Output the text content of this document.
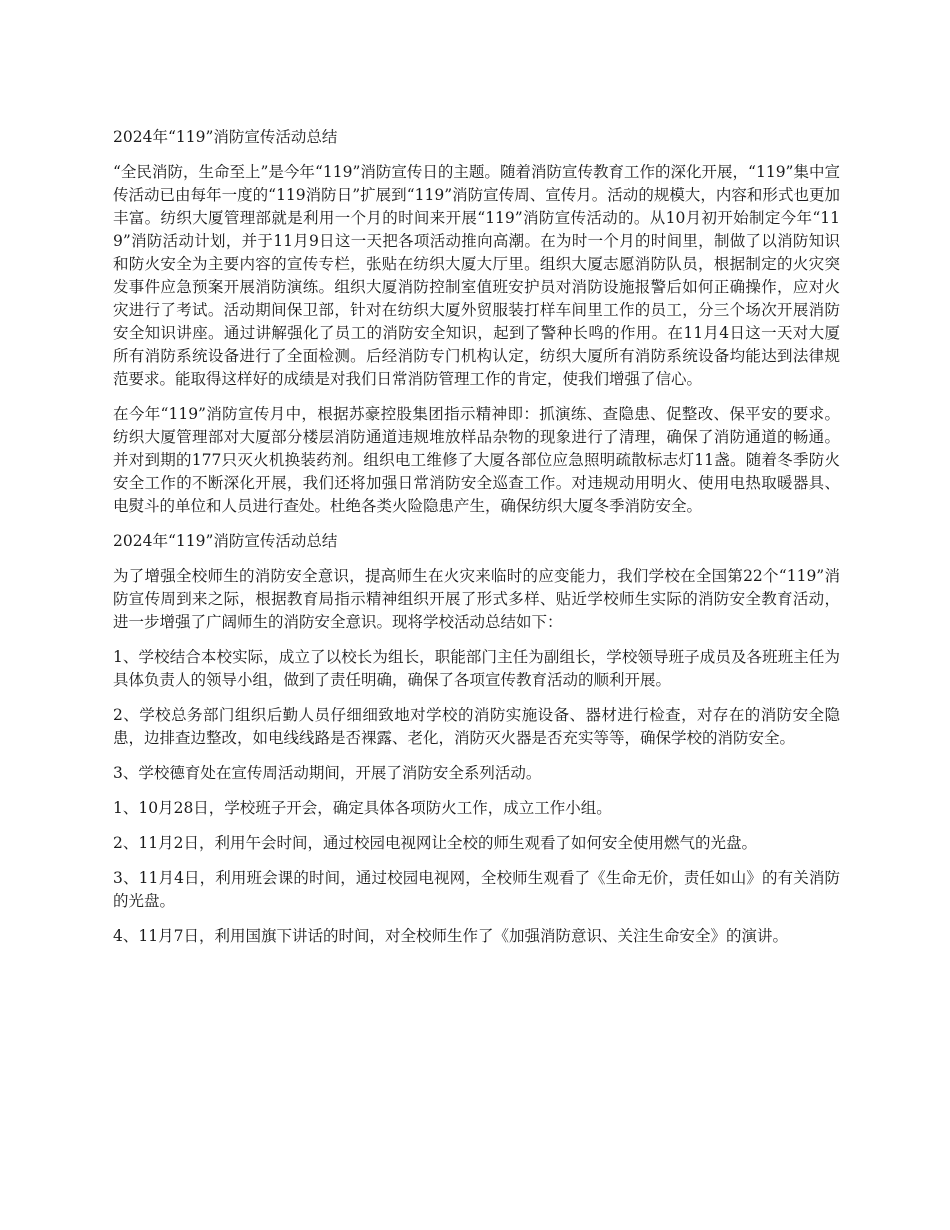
2024年“119”消防宣传活动总结

“全民消防，生命至上”是今年“119”消防宣传日的主题。随着消防宣传教育工作的深化开展，“119”集中宣传活动已由每年一度的“119消防日”扩展到“119”消防宣传周、宣传月。活动的规模大，内容和形式也更加丰富。纺织大厦管理部就是利用一个月的时间来开展“119”消防宣传活动的。从10月初开始制定今年“119”消防活动计划，并于11月9日这一天把各项活动推向高潮。在为时一个月的时间里，制做了以消防知识和防火安全为主要内容的宣传专栏，张贴在纺织大厦大厅里。组织大厦志愿消防队员，根据制定的火灾突发事件应急预案开展消防演练。组织大厦消防控制室值班安护员对消防设施报警后如何正确操作，应对火灾进行了考试。活动期间保卫部，针对在纺织大厦外贸服装打样车间里工作的员工，分三个场次开展消防安全知识讲座。通过讲解强化了员工的消防安全知识，起到了警种长鸣的作用。在11月4日这一天对大厦所有消防系统设备进行了全面检测。后经消防专门机构认定，纺织大厦所有消防系统设备均能达到法律规范要求。能取得这样好的成绩是对我们日常消防管理工作的肯定，使我们增强了信心。

在今年“119”消防宣传月中，根据苏豪控股集团指示精神即：抓演练、查隐患、促整改、保平安的要求。纺织大厦管理部对大厦部分楼层消防通道违规堆放样品杂物的现象进行了清理，确保了消防通道的畅通。并对到期的177只灭火机换装药剂。组织电工维修了大厦各部位应急照明疏散标志灯11盏。随着冬季防火安全工作的不断深化开展，我们还将加强日常消防安全巡查工作。对违规动用明火、使用电热取暖器具、电熨斗的单位和人员进行查处。杜绝各类火险隐患产生，确保纺织大厦冬季消防安全。

2024年“119”消防宣传活动总结

为了增强全校师生的消防安全意识，提高师生在火灾来临时的应变能力，我们学校在全国第22个“119”消防宣传周到来之际，根据教育局指示精神组织开展了形式多样、贴近学校师生实际的消防安全教育活动，进一步增强了广阔师生的消防安全意识。现将学校活动总结如下：

1、学校结合本校实际，成立了以校长为组长，职能部门主任为副组长，学校领导班子成员及各班班主任为具体负责人的领导小组，做到了责任明确，确保了各项宣传教育活动的顺利开展。

2、学校总务部门组织后勤人员仔细细致地对学校的消防实施设备、器材进行检查，对存在的消防安全隐患，边排查边整改，如电线线路是否裸露、老化，消防灭火器是否充实等等，确保学校的消防安全。

3、学校德育处在宣传周活动期间，开展了消防安全系列活动。

1、10月28日，学校班子开会，确定具体各项防火工作，成立工作小组。

2、11月2日，利用午会时间，通过校园电视网让全校的师生观看了如何安全使用燃气的光盘。

3、11月4日，利用班会课的时间，通过校园电视网，全校师生观看了《生命无价，责任如山》的有关消防的光盘。

4、11月7日，利用国旗下讲话的时间，对全校师生作了《加强消防意识、关注生命安全》的演讲。
